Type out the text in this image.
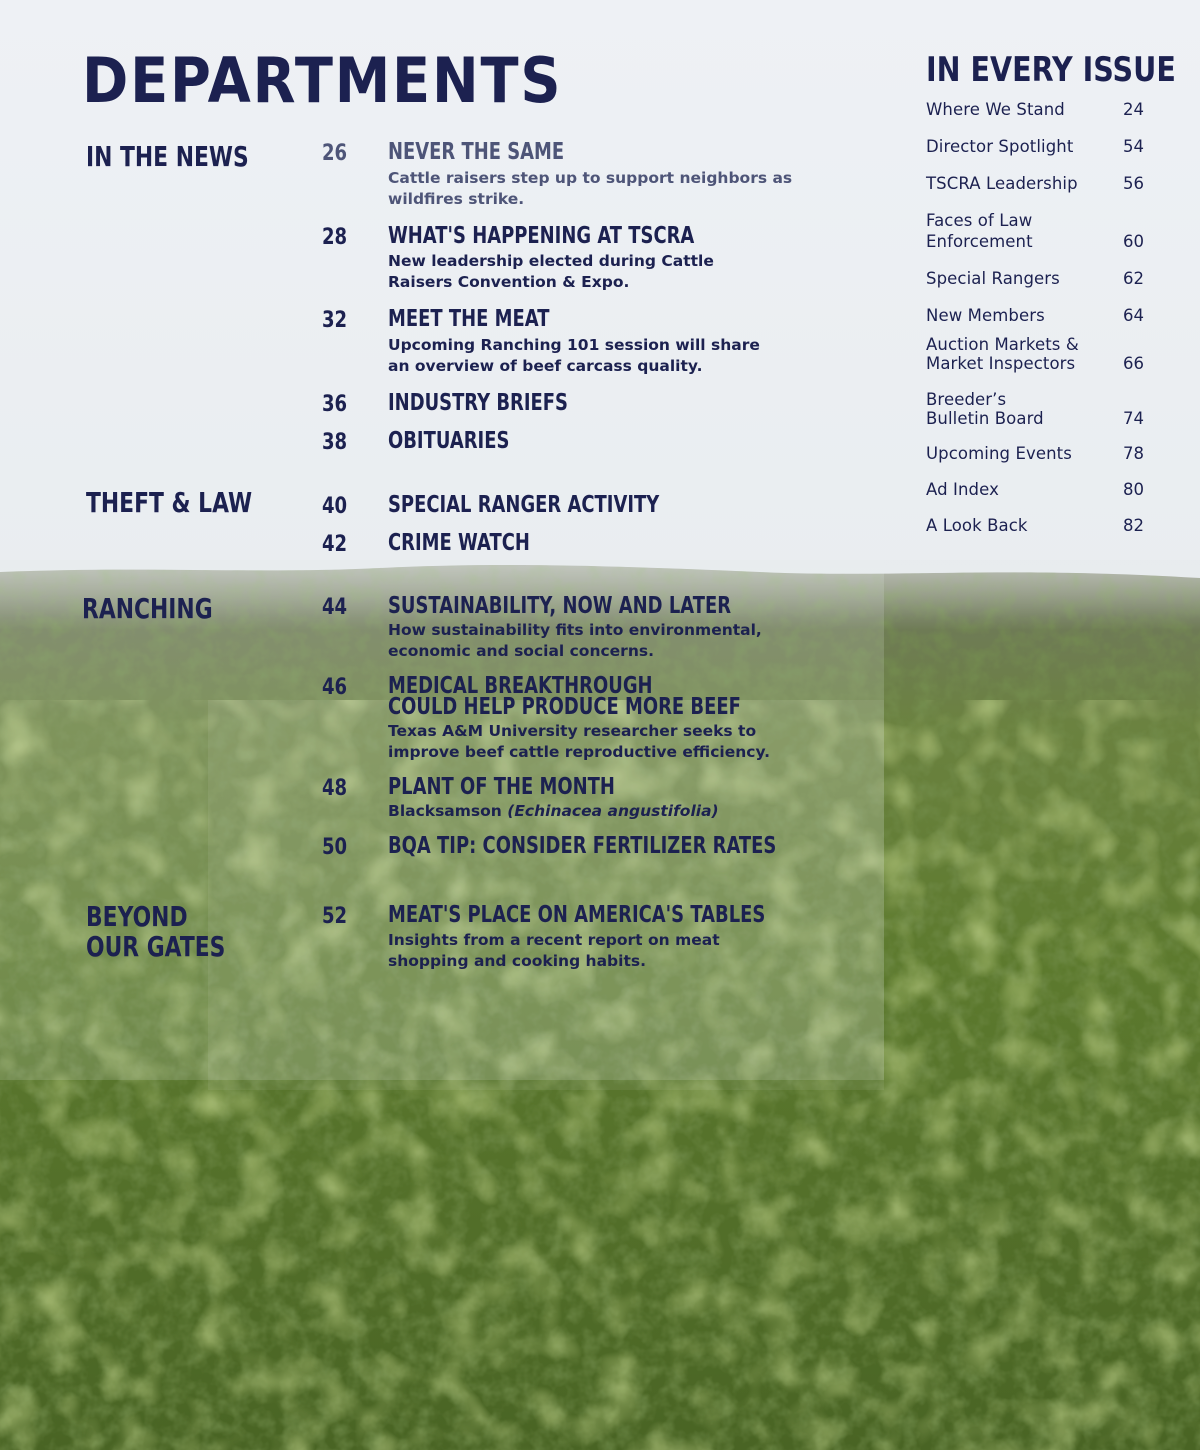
DEPARTMENTS
IN THE NEWS	26 NEVER THE SAME
Cattle raisers step up to support neighbors as wildfires strike.
28 WHAT'S HAPPENING AT TSCRA
New leadership elected during Cattle Raisers Convention & Expo.
32 MEET THE MEAT
Upcoming Ranching 101 session will share an overview of beef carcass quality.
36 INDUSTRY BRIEFS
38 OBITUARIES
THEFT & LAW	40 SPECIAL RANGER ACTIVITY
42 CRIME WATCH
RANCHING	44 SUSTAINABILITY, NOW AND LATER
How sustainability fits into environmental, economic and social concerns.
46 MEDICAL BREAKTHROUGH
COULD HELP PRODUCE MORE BEEF
Texas A&M University researcher seeks to improve beef cattle reproductive efficiency.
48 PLANT OF THE MONTH
Blacksamson (Echinacea angustifolia)
50 BQA TIP: CONSIDER FERTILIZER RATES
BEYOND
OUR GATES
52 MEAT'S PLACE ON AMERICA'S TABLES
Insights from a recent report on meat shopping and cooking habits.
IN EVERY ISSUE
Where We Stand	24
Director Spotlight	54
TSCRA Leadership	56
Faces of Law
Enforcement	60
Special Rangers	62
New Members	64
Auction Markets &
Market Inspectors	66
Breeder’s
Bulletin Board	74
Upcoming Events	78
Ad Index	80
A Look Back	82
